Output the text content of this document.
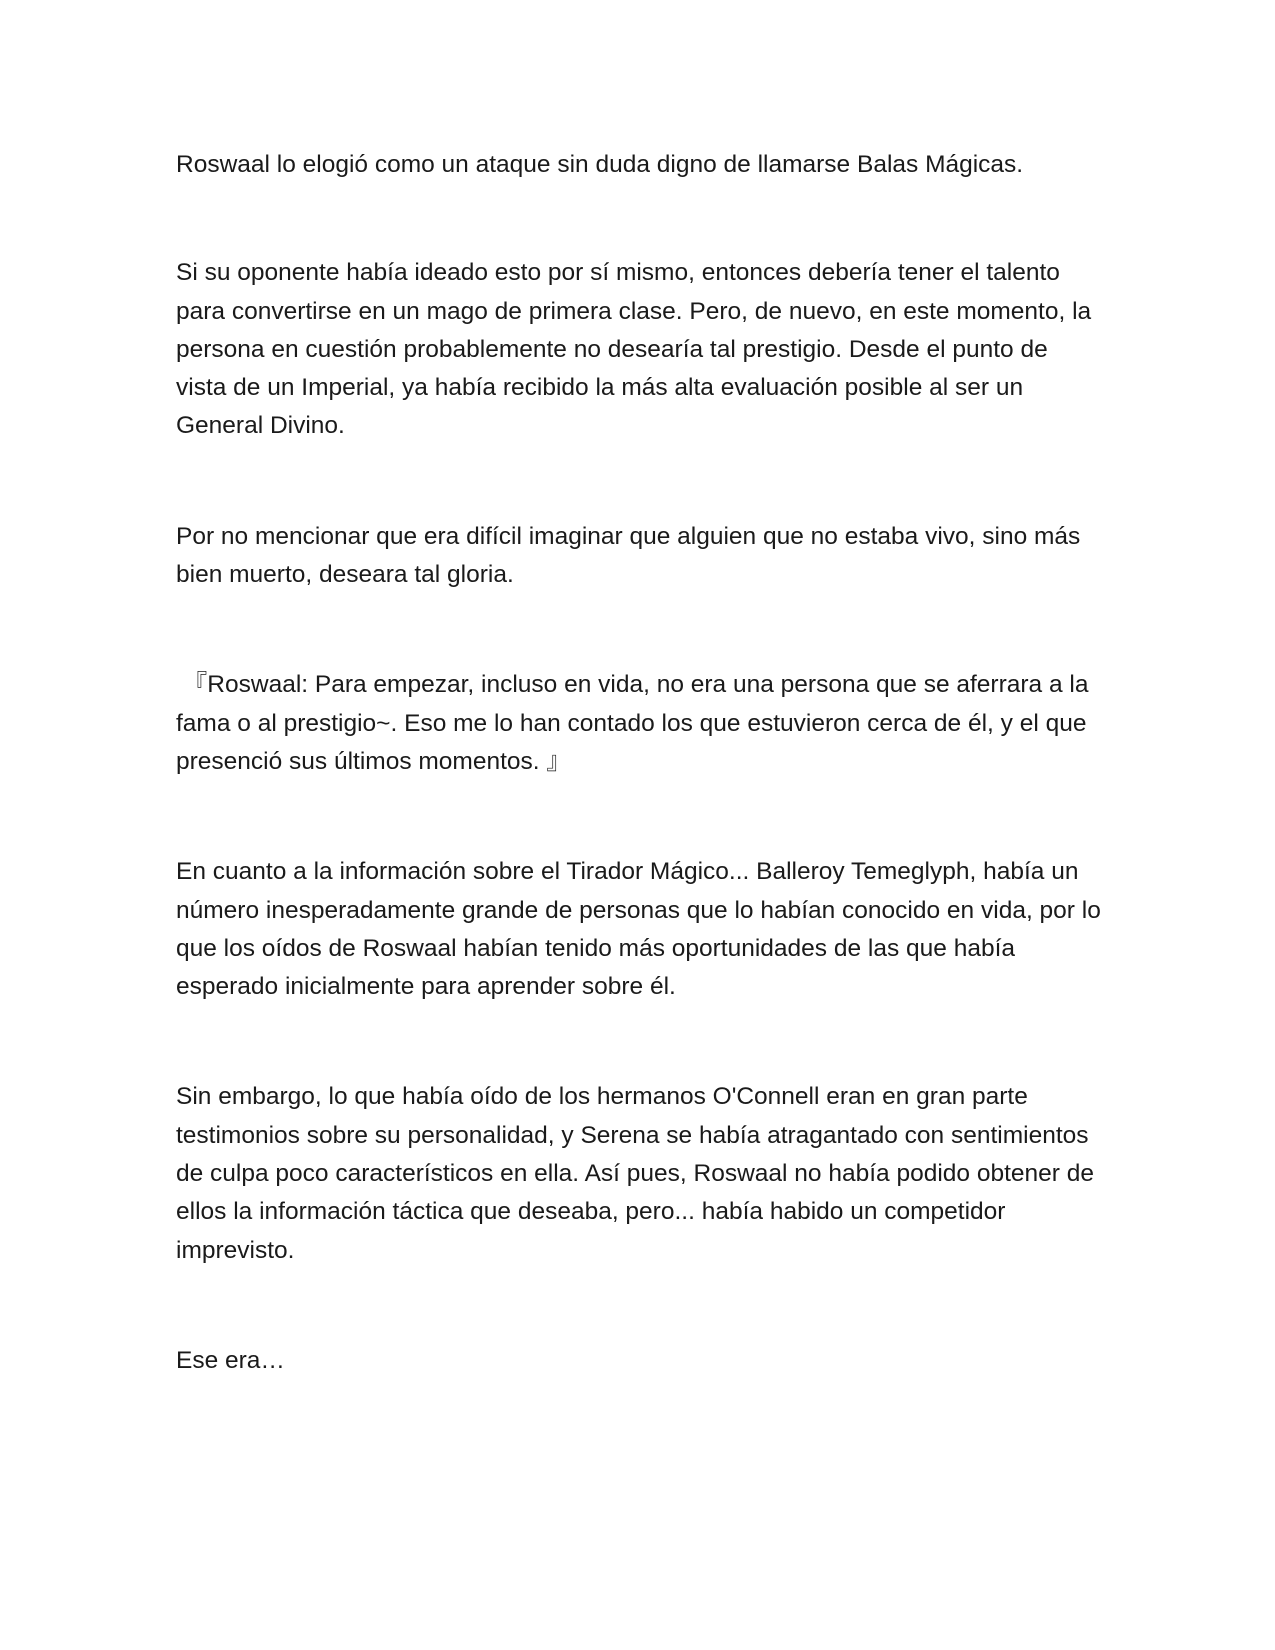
Roswaal lo elogió como un ataque sin duda digno de llamarse Balas Mágicas.

Si su oponente había ideado esto por sí mismo, entonces debería tener el talento para convertirse en un mago de primera clase. Pero, de nuevo, en este momento, la persona en cuestión probablemente no desearía tal prestigio. Desde el punto de vista de un Imperial, ya había recibido la más alta evaluación posible al ser un General Divino.

Por no mencionar que era difícil imaginar que alguien que no estaba vivo, sino más bien muerto, deseara tal gloria.

『Roswaal: Para empezar, incluso en vida, no era una persona que se aferrara a la fama o al prestigio~. Eso me lo han contado los que estuvieron cerca de él, y el que presenció sus últimos momentos. 』

En cuanto a la información sobre el Tirador Mágico... Balleroy Temeglyph, había un número inesperadamente grande de personas que lo habían conocido en vida, por lo que los oídos de Roswaal habían tenido más oportunidades de las que había esperado inicialmente para aprender sobre él.

Sin embargo, lo que había oído de los hermanos O'Connell eran en gran parte testimonios sobre su personalidad, y Serena se había atragantado con sentimientos de culpa poco característicos en ella. Así pues, Roswaal no había podido obtener de ellos la información táctica que deseaba, pero... había habido un competidor imprevisto.

Ese era…
